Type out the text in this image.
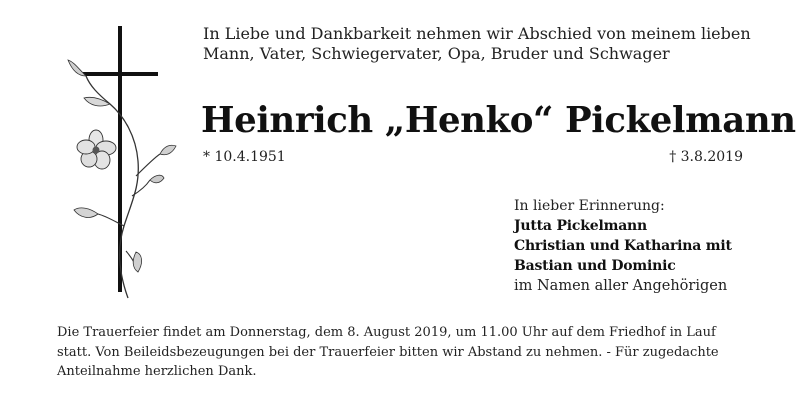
In Liebe und Dankbarkeit nehmen wir Abschied von meinem lieben
Mann, Vater, Schwiegervater, Opa, Bruder und Schwager
Heinrich „Henko“ Pickelmann
* 10.4.1951	† 3.8.2019
In lieber Erinnerung:
Jutta Pickelmann
Christian und Katharina mit
Bastian und Dominic
im Namen aller Angehörigen
Die Trauerfeier findet am Donnerstag, dem 8. August 2019, um 11.00 Uhr auf dem Friedhof in Lauf
statt. Von Beileidsbezeugungen bei der Trauerfeier bitten wir Abstand zu nehmen. - Für zugedachte
Anteilnahme herzlichen Dank.
